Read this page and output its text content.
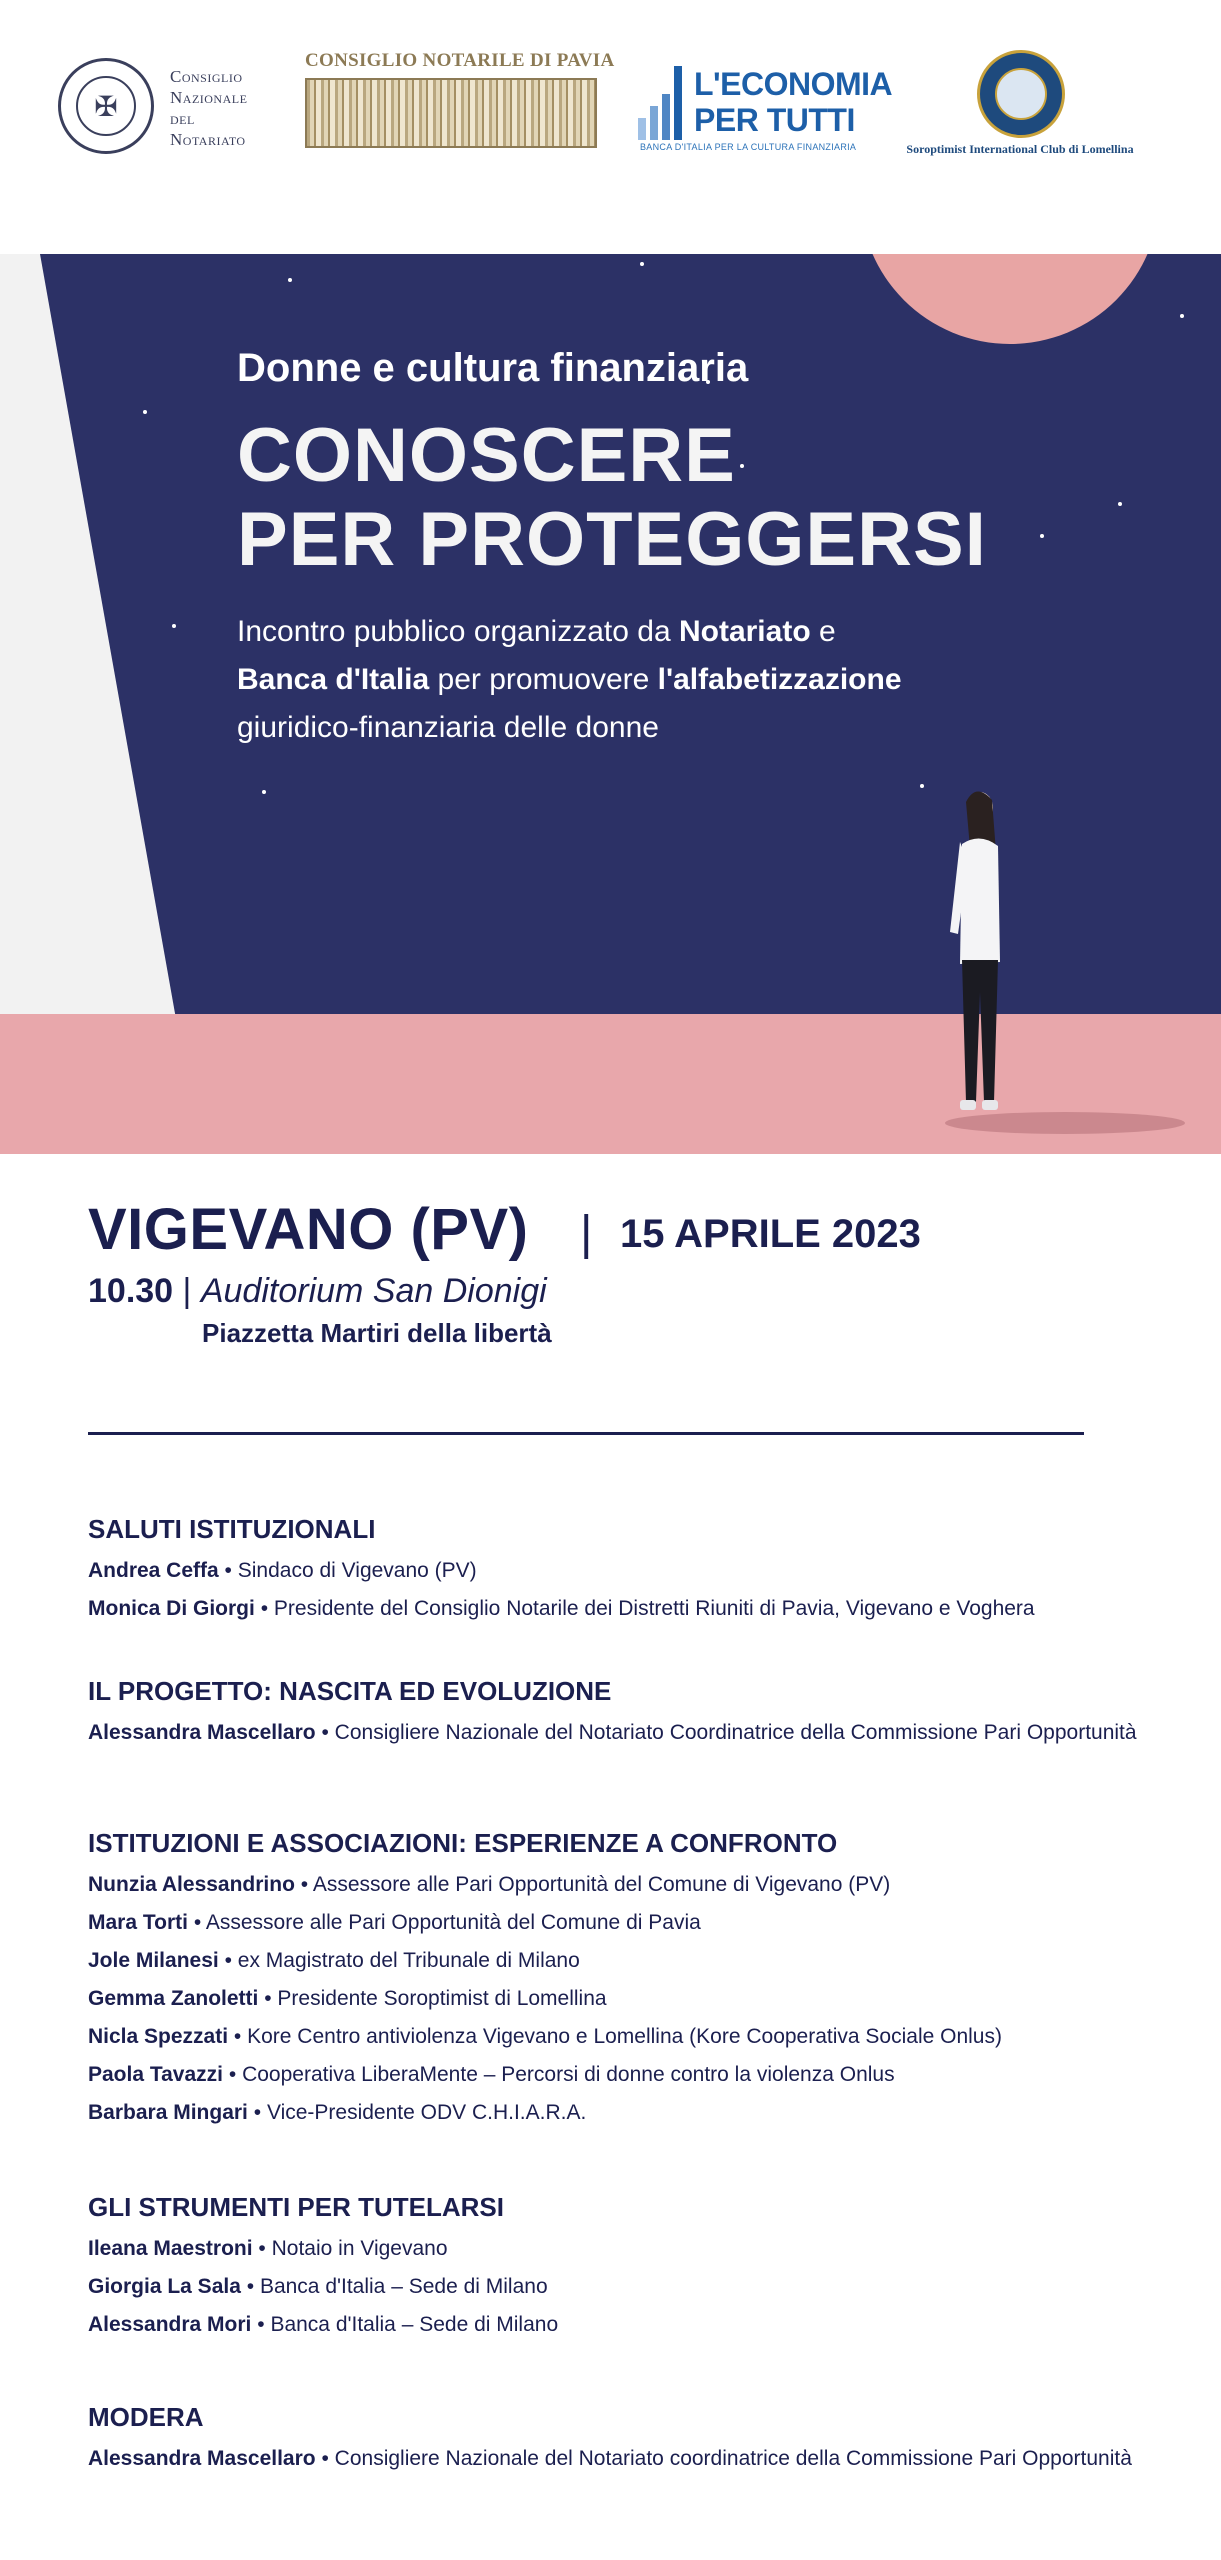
✠
Consiglio
Nazionale
del
Notariato
CONSIGLIO NOTARILE DI PAVIA
L'ECONOMIA
PER TUTTI
BANCA D'ITALIA PER LA CULTURA FINANZIARIA	Soroptimist International Club di Lomellina
Donne e cultura finanziaria
CONOSCERE
PER PROTEGGERSI
Incontro pubblico organizzato da Notariato e
Banca d'Italia per promuovere l'alfabetizzazione
giuridico-finanziaria delle donne
VIGEVANO (PV) | 15 APRILE 2023
10.30 | Auditorium San Dionigi
Piazzetta Martiri della libertà
SALUTI ISTITUZIONALI
Andrea Ceffa • Sindaco di Vigevano (PV)
Monica Di Giorgi • Presidente del Consiglio Notarile dei Distretti Riuniti di Pavia, Vigevano e Voghera
IL PROGETTO: NASCITA ED EVOLUZIONE
Alessandra Mascellaro • Consigliere Nazionale del Notariato Coordinatrice della Commissione Pari Opportunità
ISTITUZIONI E ASSOCIAZIONI: ESPERIENZE A CONFRONTO
Nunzia Alessandrino • Assessore alle Pari Opportunità del Comune di Vigevano (PV)
Mara Torti • Assessore alle Pari Opportunità del Comune di Pavia
Jole Milanesi • ex Magistrato del Tribunale di Milano
Gemma Zanoletti • Presidente Soroptimist di Lomellina
Nicla Spezzati • Kore Centro antiviolenza Vigevano e Lomellina (Kore Cooperativa Sociale Onlus)
Paola Tavazzi • Cooperativa LiberaMente – Percorsi di donne contro la violenza Onlus
Barbara Mingari • Vice-Presidente ODV C.H.I.A.R.A.
GLI STRUMENTI PER TUTELARSI
Ileana Maestroni • Notaio in Vigevano
Giorgia La Sala • Banca d'Italia – Sede di Milano
Alessandra Mori • Banca d'Italia – Sede di Milano
MODERA
Alessandra Mascellaro • Consigliere Nazionale del Notariato coordinatrice della Commissione Pari Opportunità
